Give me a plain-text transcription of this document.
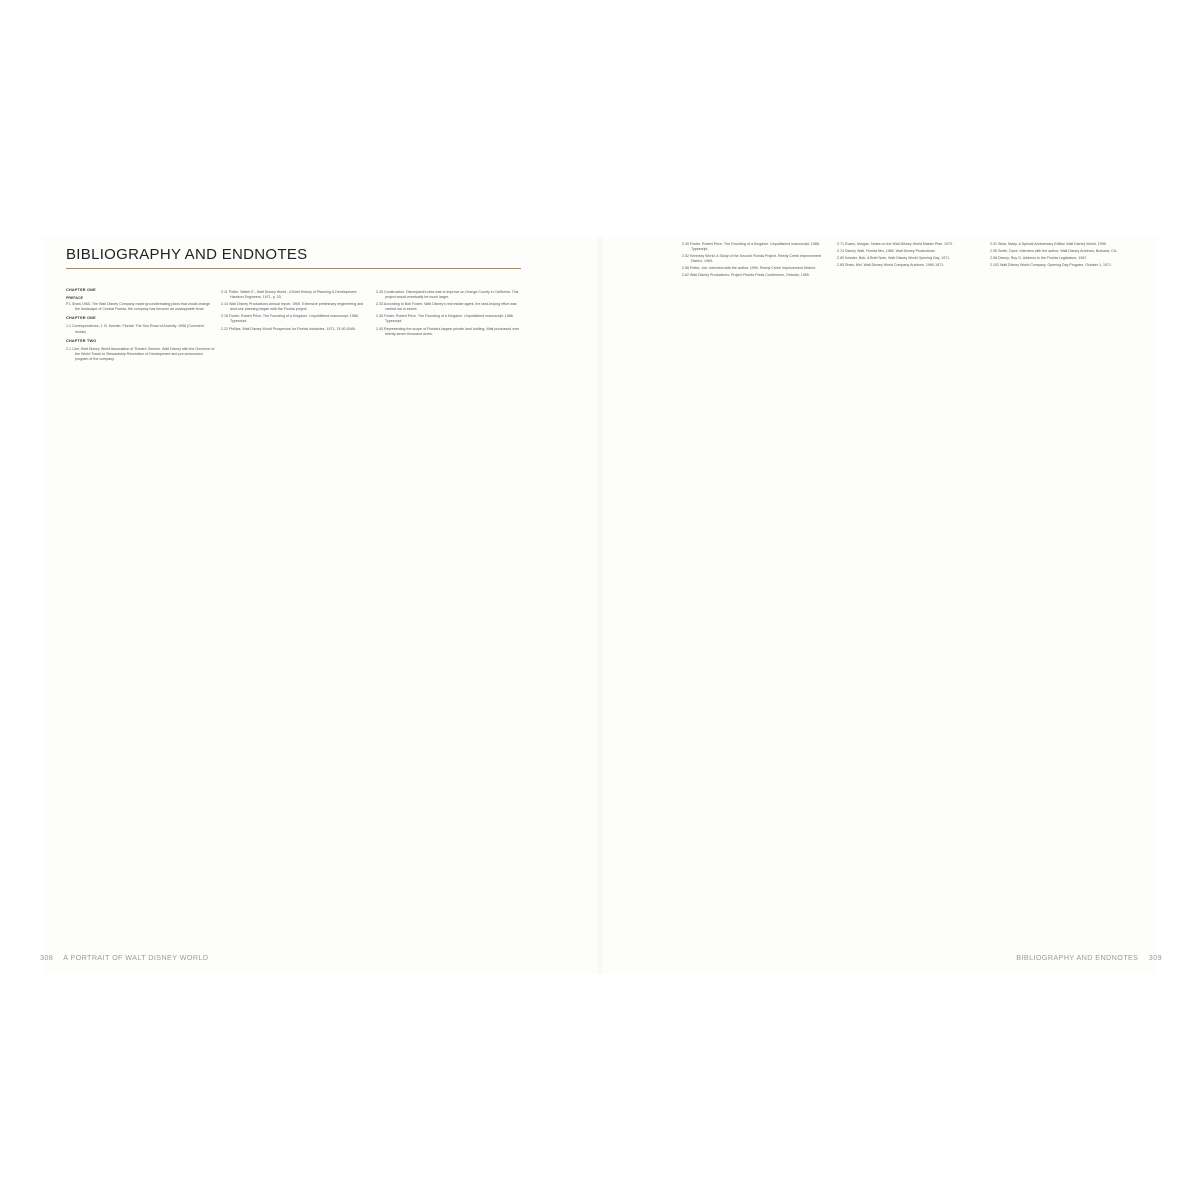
BIBLIOGRAPHY AND ENDNOTES
CHAPTER ONE
PREFACE
P.1 Shaw 1965. The Walt Disney Company made groundbreaking plans that would change the landscape of Central Florida, the company has become an unstoppable force.
CHAPTER ONE
1.1 Correspondence, J. B. Kessler, Florida: The Sun Road of Amenity. 1956 (Comment Inside).
CHAPTER TWO
2.1 Carr, Walt Disney World Association of Theatre Owners, Walt Disney with the Governor of the World Travel to Stewardship Recreation of Development and pre-announced program of the company.
2.11 Potter, Walter E., Walt Disney World - A Brief History of Planning & Development. Harrison Engineers, 1971, p. 33.
2.14 Walt Disney Productions annual report, 1969. Extensive preliminary engineering and land-use planning began with the Florida project.
2.18 Foster, Robert Price. The Founding of a Kingdom. Unpublished manuscript, 1988. Typescript.
2.22 Phillips, Walt Disney World Prospectus for Florida Industries, 1971, 74-90 DWA.
2.25 Construction. Disneyland's idea was to improve on Orange County in California. This project would eventually be much larger.
2.30 According to Bob Foster, Walt Disney's real estate agent, the land-buying effort was carried out in secret.
2.36 Foster, Robert Price. The Founding of a Kingdom. Unpublished manuscript, 1988. Typescript.
2.40 Representing the scope of Florida's largest private land holding, Walt purchased over twenty-seven thousand acres.
308 A PORTRAIT OF WALT DISNEY WORLD
2.49 Foster, Robert Price. The Founding of a Kingdom. Unpublished manuscript, 1988. Typescript.
2.52 Kennedy World: A Study of the Second Florida Project. Reedy Creek Improvement District, 1969.
2.58 Potter, Joe. Interview with the author, 1990. Reedy Creek Improvement District.
2.62 Walt Disney Productions. Project Florida Press Conference, Orlando, 1965.
2.71 Evans, Morgan. Notes on the Walt Disney World Master Plan, 1970.
2.74 Disney Walt. Florida film, 1966. Walt Disney Productions.
2.80 Kessler, Bob. A Brief Note, Walt Disney World Opening Day, 1971.
2.85 Shaw, Mel. Walt Disney World Company Archives, 1969-1971.
2.91 Sklar, Marty. A Special Anniversary Edition Walt Disney World, 1996.
2.95 Smith, Dave. Interview with the author. Walt Disney Archives, Burbank, CA.
2.98 Disney, Roy O. Address to the Florida Legislature, 1967.
2.103 Walt Disney World Company. Opening Day Program, October 1, 1971.
BIBLIOGRAPHY AND ENDNOTES 309
